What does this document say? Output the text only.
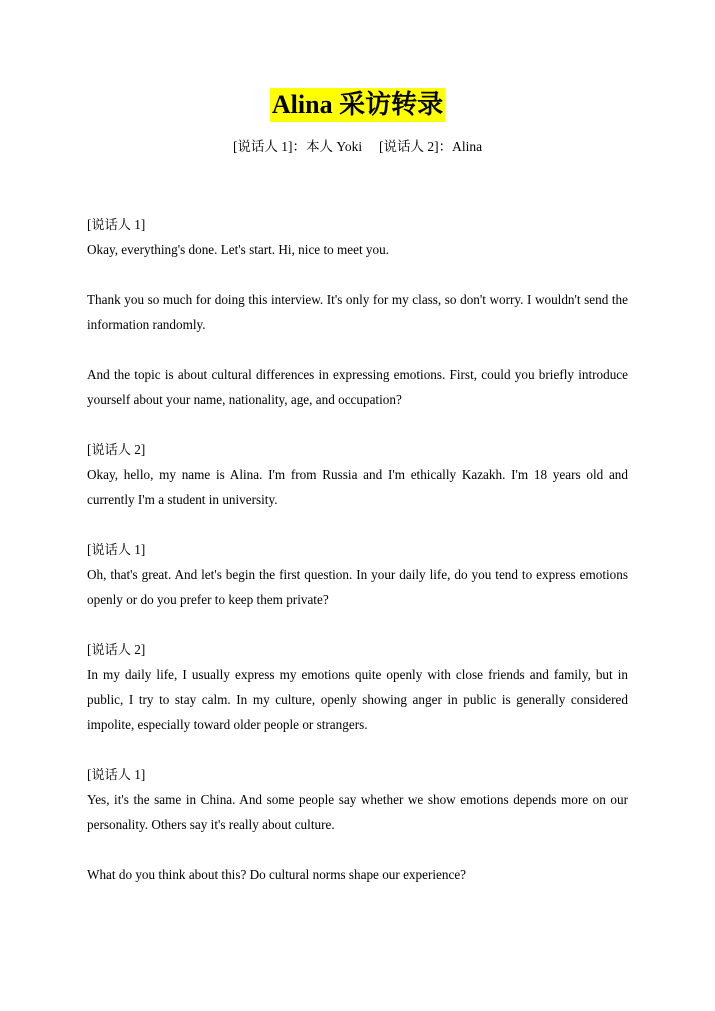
Alina 采访转录
[说话人 1]：本人 Yoki     [说话人 2]：Alina
[说话人 1]

Okay, everything's done. Let's start. Hi, nice to meet you.

Thank you so much for doing this interview. It's only for my class, so don't worry. I wouldn't send the information randomly.

And the topic is about cultural differences in expressing emotions. First, could you briefly introduce yourself about your name, nationality, age, and occupation?

[说话人 2]

Okay, hello, my name is Alina. I'm from Russia and I'm ethically Kazakh. I'm 18 years old and currently I'm a student in university.

[说话人 1]

Oh, that's great. And let's begin the first question. In your daily life, do you tend to express emotions openly or do you prefer to keep them private?

[说话人 2]

In my daily life, I usually express my emotions quite openly with close friends and family, but in public, I try to stay calm. In my culture, openly showing anger in public is generally considered impolite, especially toward older people or strangers.

[说话人 1]

Yes, it's the same in China. And some people say whether we show emotions depends more on our personality. Others say it's really about culture.

What do you think about this? Do cultural norms shape our experience?
